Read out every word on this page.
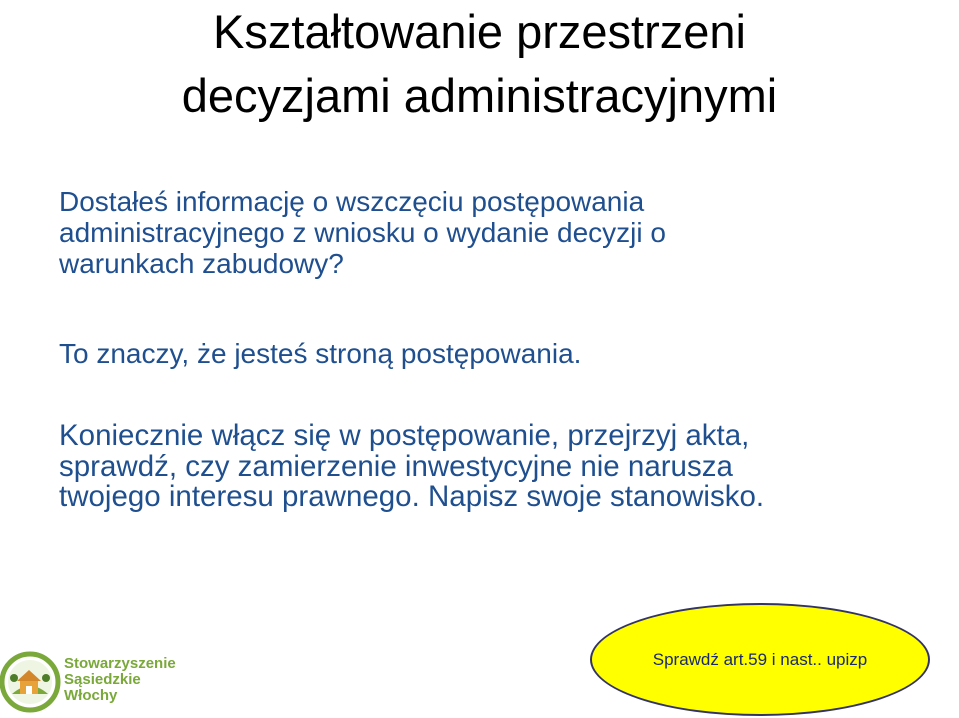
Kształtowanie przestrzeni
decyzjami administracyjnymi
Dostałeś informację o wszczęciu postępowania
administracyjnego z wniosku o wydanie decyzji o
warunkach zabudowy?
To znaczy, że jesteś stroną postępowania.
Koniecznie włącz się w postępowanie, przejrzyj akta,
sprawdź, czy zamierzenie inwestycyjne nie narusza
twojego interesu prawnego. Napisz swoje stanowisko.
Stowarzyszenie
Sąsiedzkie
Włochy
Sprawdź art.59 i nast.. upizp
